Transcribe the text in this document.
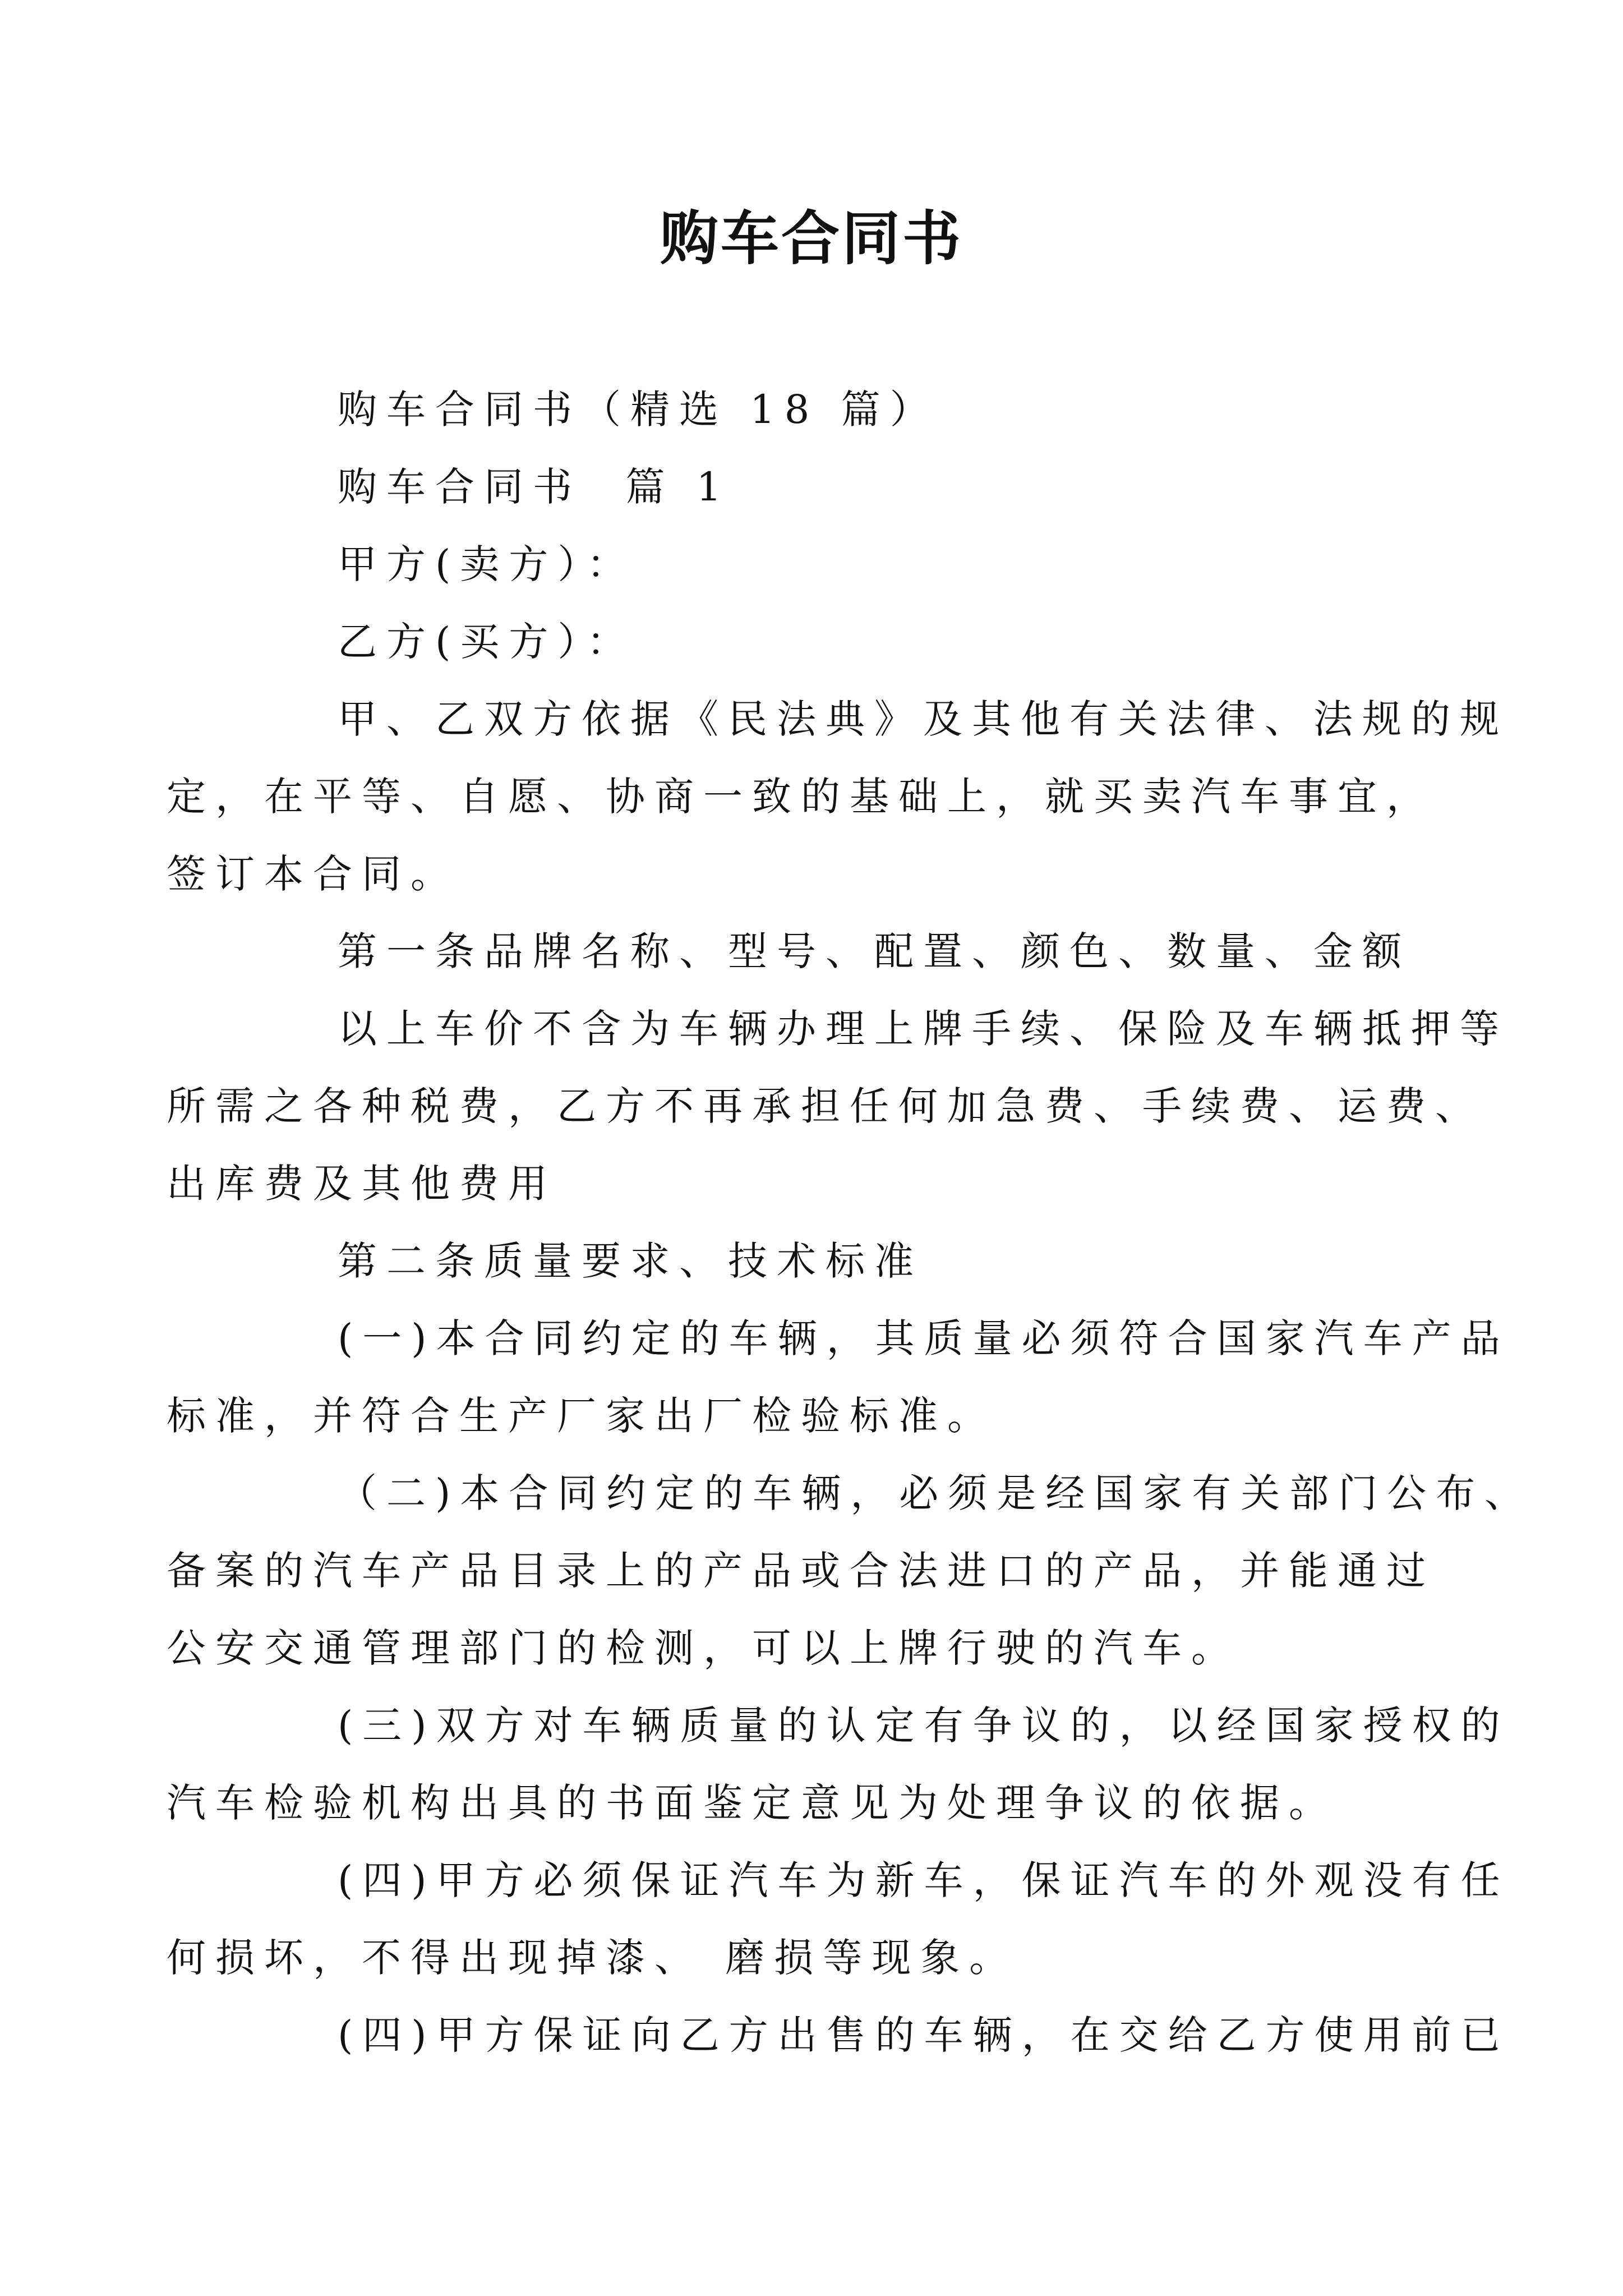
购车合同书
购车合同书（精选 18 篇）
购车合同书  篇 1
甲方(卖方）：
乙方(买方）：
甲、乙双方依据《民法典》及其他有关法律、法规的规
定，在平等、自愿、协商一致的基础上，就买卖汽车事宜，
签订本合同。
第一条品牌名称、型号、配置、颜色、数量、金额
以上车价不含为车辆办理上牌手续、保险及车辆抵押等
所需之各种税费，乙方不再承担任何加急费、手续费、运费、
出库费及其他费用
第二条质量要求、技术标准
(一)本合同约定的车辆，其质量必须符合国家汽车产品
标准，并符合生产厂家出厂检验标准。
（二)本合同约定的车辆，必须是经国家有关部门公布、
备案的汽车产品目录上的产品或合法进口的产品，并能通过
公安交通管理部门的检测，可以上牌行驶的汽车。
(三)双方对车辆质量的认定有争议的，以经国家授权的
汽车检验机构出具的书面鉴定意见为处理争议的依据。
(四)甲方必须保证汽车为新车，保证汽车的外观没有任
何损坏，不得出现掉漆、 磨损等现象。
(四)甲方保证向乙方出售的车辆，在交给乙方使用前已
